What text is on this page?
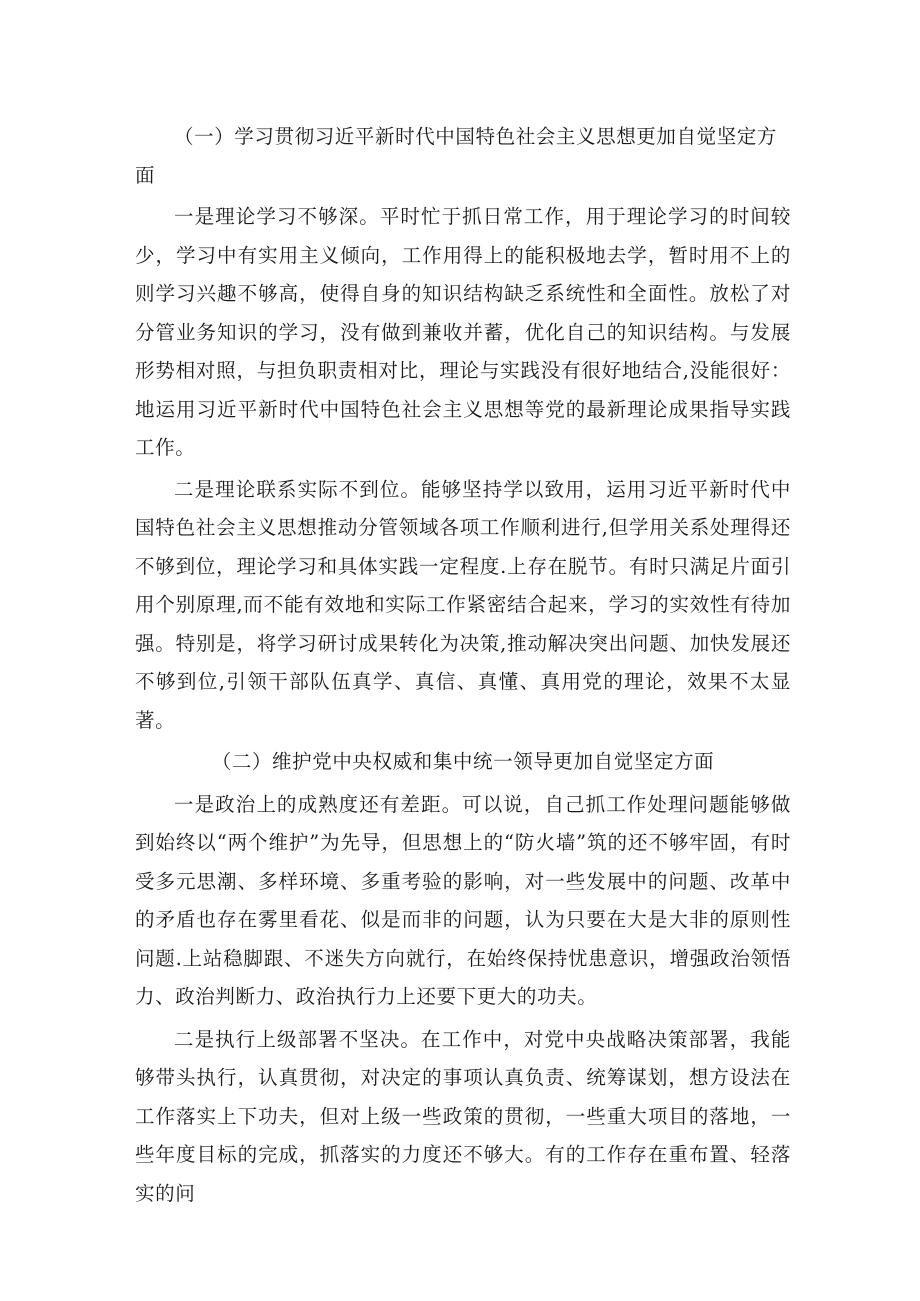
（一）学习贯彻习近平新时代中国特色社会主义思想更加自觉坚定方面

一是理论学习不够深。平时忙于抓日常工作，用于理论学习的时间较少，学习中有实用主义倾向，工作用得上的能积极地去学，暂时用不上的则学习兴趣不够高，使得自身的知识结构缺乏系统性和全面性。放松了对分管业务知识的学习，没有做到兼收并蓄，优化自己的知识结构。与发展形势相对照，与担负职责相对比，理论与实践没有很好地结合,没能很好：地运用习近平新时代中国特色社会主义思想等党的最新理论成果指导实践工作。

二是理论联系实际不到位。能够坚持学以致用，运用习近平新时代中国特色社会主义思想推动分管领域各项工作顺利进行,但学用关系处理得还不够到位，理论学习和具体实践一定程度.上存在脱节。有时只满足片面引用个别原理,而不能有效地和实际工作紧密结合起来，学习的实效性有待加强。特别是，将学习研讨成果转化为决策,推动解决突出问题、加快发展还不够到位,引领干部队伍真学、真信、真懂、真用党的理论，效果不太显著。

（二）维护党中央权威和集中统一领导更加自觉坚定方面

一是政治上的成熟度还有差距。可以说，自己抓工作处理问题能够做到始终以“两个维护”为先导，但思想上的“防火墙”筑的还不够牢固，有时受多元思潮、多样环境、多重考验的影响，对一些发展中的问题、改革中的矛盾也存在雾里看花、似是而非的问题，认为只要在大是大非的原则性问题.上站稳脚跟、不迷失方向就行，在始终保持忧患意识，增强政治领悟力、政治判断力、政治执行力上还要下更大的功夫。

二是执行上级部署不坚决。在工作中，对党中央战略决策部署，我能够带头执行，认真贯彻，对决定的事项认真负责、统筹谋划，想方设法在工作落实上下功夫，但对上级一些政策的贯彻，一些重大项目的落地，一些年度目标的完成，抓落实的力度还不够大。有的工作存在重布置、轻落实的问
